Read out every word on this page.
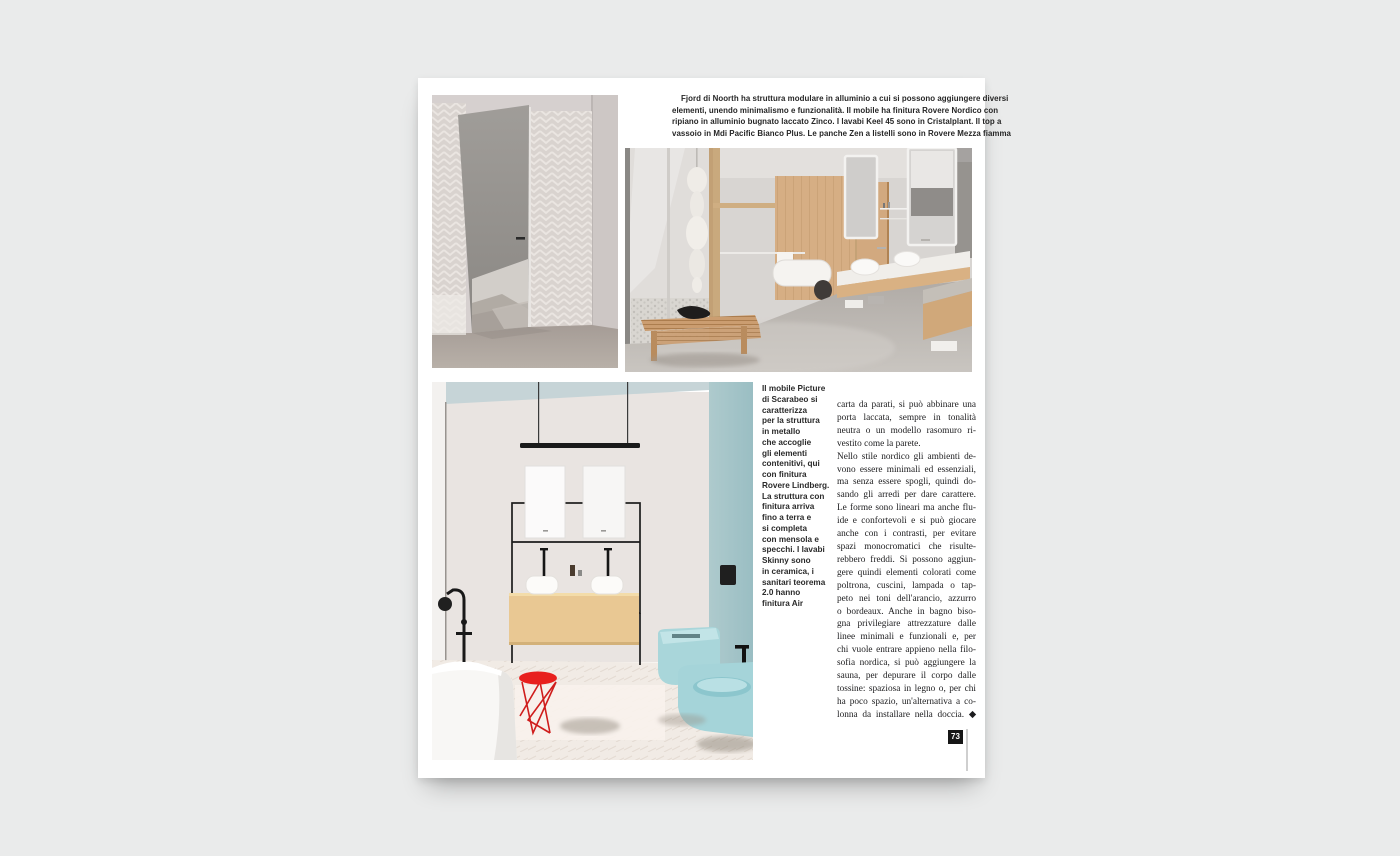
Fjord di Noorth ha struttura modulare in alluminio a cui si possono aggiungere diversi
elementi, unendo minimalismo e funzionalità. Il mobile ha finitura Rovere Nordico con
ripiano in alluminio bugnato laccato Zinco. I lavabi Keel 45 sono in Cristalplant. Il top a
vassoio in Mdi Pacific Bianco Plus. Le panche Zen a listelli sono in Rovere Mezza fiamma
Il mobile Picture
di Scarabeo si
caratterizza
per la struttura
in metallo
che accoglie
gli elementi
contenitivi, qui
con finitura
Rovere Lindberg.
La struttura con
finitura arriva
fino a terra e
si completa
con mensola e
specchi. I lavabi
Skinny sono
in ceramica, i
sanitari teorema
2.0 hanno
finitura Air
carta da parati, si può abbinare una
porta laccata, sempre in tonalità
neutra o un modello rasomuro ri-
vestito come la parete.
Nello stile nordico gli ambienti de-
vono essere minimali ed essenziali,
ma senza essere spogli, quindi do-
sando gli arredi per dare carattere.
Le forme sono lineari ma anche flu-
ide e confortevoli e si può giocare
anche con i contrasti, per evitare
spazi monocromatici che risulte-
rebbero freddi. Si possono aggiun-
gere quindi elementi colorati come
poltrona, cuscini, lampada o tap-
peto nei toni dell'arancio, azzurro
o bordeaux. Anche in bagno biso-
gna privilegiare attrezzature dalle
linee minimali e funzionali e, per
chi vuole entrare appieno nella filo-
sofia nordica, si può aggiungere la
sauna, per depurare il corpo dalle
tossine: spaziosa in legno o, per chi
ha poco spazio, un'alternativa a co-
lonna da installare nella doccia. ◆
73
